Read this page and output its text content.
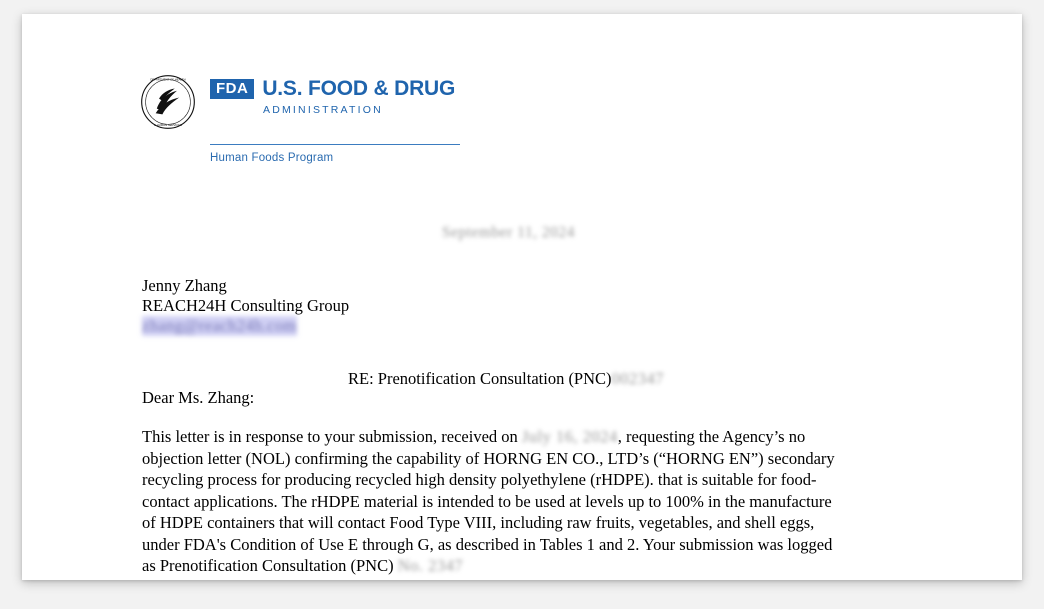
DEPARTMENT OF HEALTH
& HUMAN SERVICES
FDA U.S. FOOD & DRUG
ADMINISTRATION
Human Foods Program
September 11, 2024
Jenny Zhang
REACH24H Consulting Group
zhang@reach24h.com
RE: Prenotification Consultation (PNC)002347
Dear Ms. Zhang:
This letter is in response to your submission, received on July 16, 2024, requesting the Agency’s no
objection letter (NOL) confirming the capability of HORNG EN CO., LTD’s (“HORNG EN”) secondary
recycling process for producing recycled high density polyethylene (rHDPE). that is suitable for food-
contact applications. The rHDPE material is intended to be used at levels up to 100% in the manufacture
of HDPE containers that will contact Food Type VIII, including raw fruits, vegetables, and shell eggs,
under FDA's Condition of Use E through G, as described in Tables 1 and 2. Your submission was logged
as Prenotification Consultation (PNC) No. 2347
